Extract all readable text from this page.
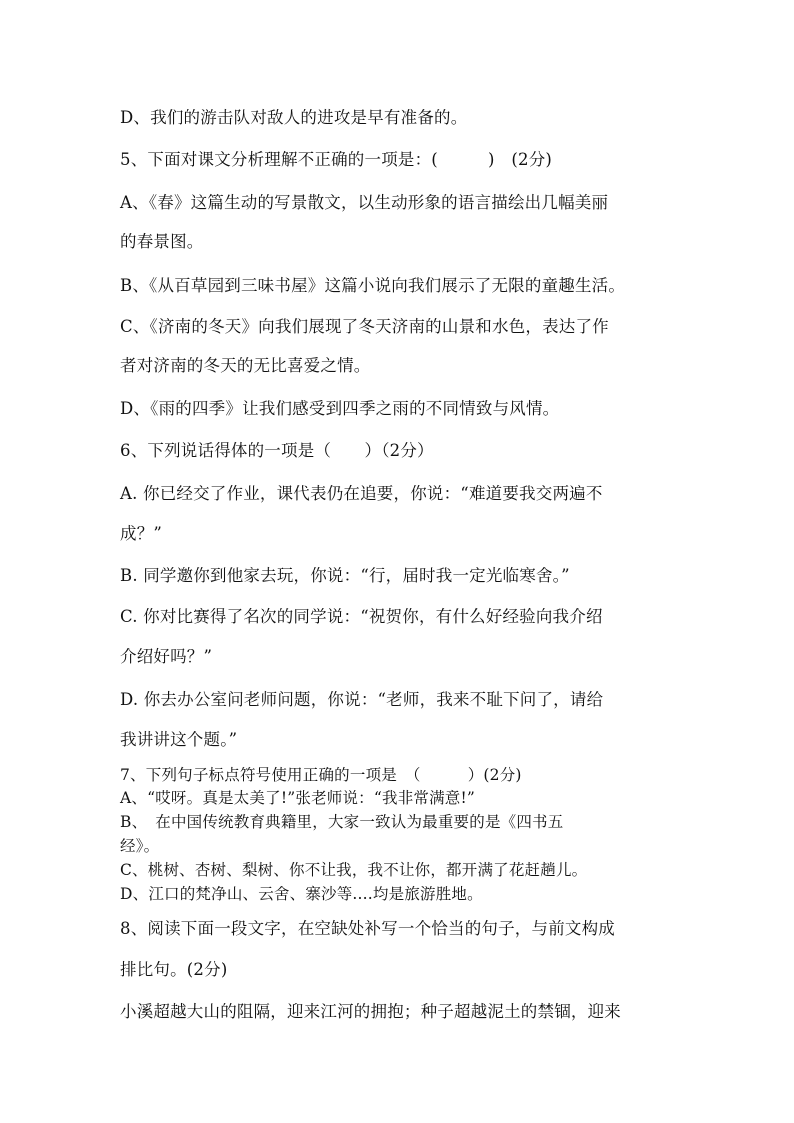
D、我们的游击队对敌人的进攻是早有准备的。
5、下面对课文分析理解不正确的一项是：(　　　)　(2分)
A、《春》这篇生动的写景散文，以生动形象的语言描绘出几幅美丽
的春景图。
B、《从百草园到三味书屋》这篇小说向我们展示了无限的童趣生活。
C、《济南的冬天》向我们展现了冬天济南的山景和水色，表达了作
者对济南的冬天的无比喜爱之情。
D、《雨的四季》让我们感受到四季之雨的不同情致与风情。
6、下列说话得体的一项是（　　）（2分）
A. 你已经交了作业，课代表仍在追要，你说：“难道要我交两遍不
成？”
B. 同学邀你到他家去玩，你说：“行，届时我一定光临寒舍。”
C. 你对比赛得了名次的同学说：“祝贺你，有什么好经验向我介绍
介绍好吗？”
D. 你去办公室问老师问题，你说：“老师，我来不耻下问了，请给
我讲讲这个题。”
7、下列句子标点符号使用正确的一项是　（　　　）(2分)
A、“哎呀。真是太美了!”张老师说：“我非常满意!”
B、　在中国传统教育典籍里，大家一致认为最重要的是《四书五
经》。
C、桃树、杏树、梨树、你不让我，我不让你，都开满了花赶趟儿。
D、江口的梵净山、云舍、寨沙等....均是旅游胜地。
8、阅读下面一段文字，在空缺处补写一个恰当的句子，与前文构成
排比句。(2分)
小溪超越大山的阻隔，迎来江河的拥抱；种子超越泥土的禁锢，迎来
